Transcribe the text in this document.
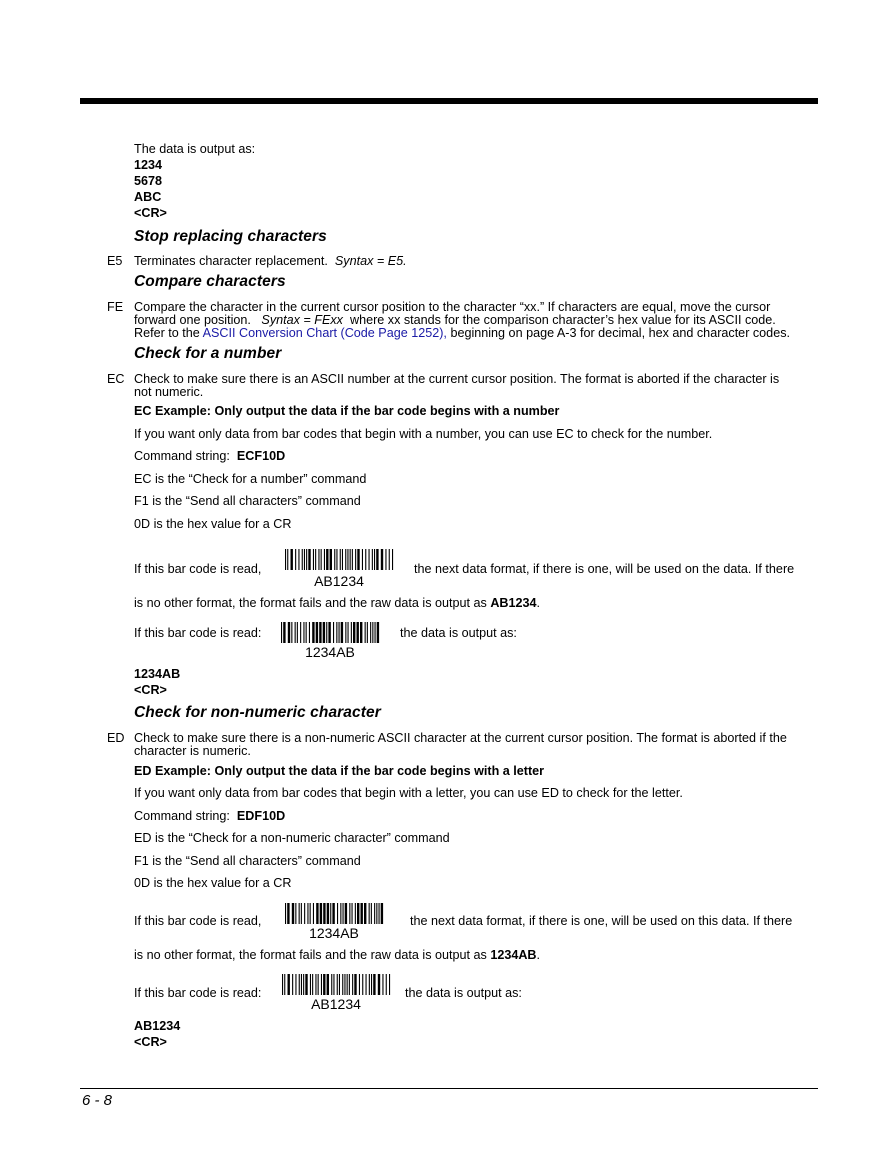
The data is output as:
1234
5678
ABC
<CR>
Stop replacing characters
E5 Terminates character replacement. Syntax = E5.
Compare characters
FE Compare the character in the current cursor position to the character “xx.” If characters are equal, move the cursor
forward one position. Syntax = FExx where xx stands for the comparison character’s hex value for its ASCII code.
Refer to the ASCII Conversion Chart (Code Page 1252), beginning on page A-3 for decimal, hex and character codes.
Check for a number
EC Check to make sure there is an ASCII number at the current cursor position. The format is aborted if the character is
not numeric.
EC Example: Only output the data if the bar code begins with a number
If you want only data from bar codes that begin with a number, you can use EC to check for the number.
Command string: ECF10D
EC is the “Check for a number” command
F1 is the “Send all characters” command
0D is the hex value for a CR
If this bar code is read,
AB1234
the next data format, if there is one, will be used on the data. If there
is no other format, the format fails and the raw data is output as AB1234.
If this bar code is read:
1234AB
the data is output as:
1234AB
<CR>
Check for non-numeric character
ED Check to make sure there is a non-numeric ASCII character at the current cursor position. The format is aborted if the
character is numeric.
ED Example: Only output the data if the bar code begins with a letter
If you want only data from bar codes that begin with a letter, you can use ED to check for the letter.
Command string: EDF10D
ED is the “Check for a non-numeric character” command
F1 is the “Send all characters” command
0D is the hex value for a CR
If this bar code is read,
1234AB
the next data format, if there is one, will be used on this data. If there
is no other format, the format fails and the raw data is output as 1234AB.
If this bar code is read:
AB1234
the data is output as:
AB1234
<CR>
6 - 8
